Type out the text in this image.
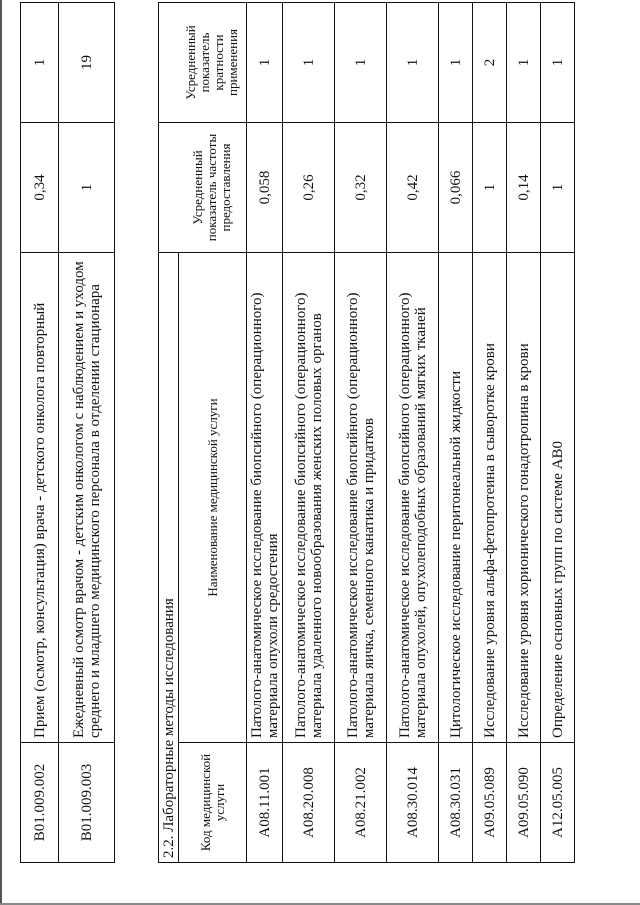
B01.009.002	Прием (осмотр, консультация) врача - детского онколога повторный	0,34	1
B01.009.003	Ежедневный осмотр врачом - детским онкологом с наблюдением и уходом среднего и младшего медицинского персонала в отделении стационара	1	19
2.2. Лабораторные методы исследования			
Код медицинской услуги	Наименование медицинской услуги	Усредненный показатель частоты предоставления	Усредненный показатель кратности применения
A08.11.001	Патолого-анатомическое исследование биопсийного (операционного) материала опухоли средостения	0,058	1
A08.20.008	Патолого-анатомическое исследование биопсийного (операционного) материала удаленного новообразования женских половых органов	0,26	1
A08.21.002	Патолого-анатомическое исследование биопсийного (операционного) материала яичка, семенного канатика и придатков	0,32	1
A08.30.014	Патолого-анатомическое исследование биопсийного (операционного) материала опухолей, опухолеподобных образований мягких тканей	0,42	1
A08.30.031	Цитологическое исследование перитонеальной жидкости	0,066	1
A09.05.089	Исследование уровня альфа-фетопротеина в сыворотке крови	1	2
A09.05.090	Исследование уровня хорионического гонадотропина в крови	0,14	1
A12.05.005	Определение основных групп по системе AB0	1	1
